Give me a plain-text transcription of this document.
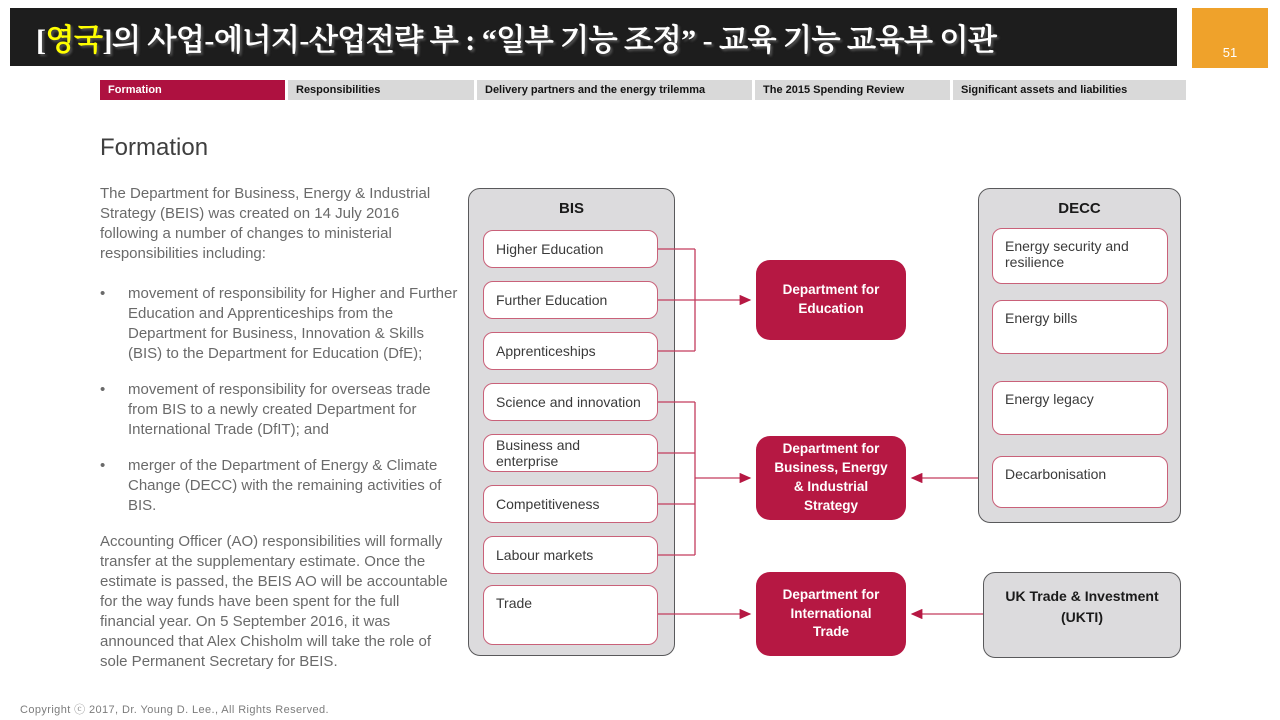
[영국]의 사업-에너지-산업전략 부 : “일부 기능 조정” - 교육 기능 교육부 이관	51
Formation	Responsibilities	Delivery partners and the energy trilemma	The 2015 Spending Review	Significant assets and liabilities
Formation

The Department for Business, Energy & Industrial Strategy (BEIS) was created on 14 July 2016 following a number of changes to ministerial responsibilities including:

•
movement of responsibility for Higher and Further Education and Apprenticeships from the Department for Business, Innovation & Skills (BIS) to the Department for Education (DfE);
•
movement of responsibility for overseas trade from BIS to a newly created Department for International Trade (DfIT); and
•
merger of the Department of Energy & Climate Change (DECC) with the remaining activities of BIS.

Accounting Officer (AO) responsibilities will formally transfer at the supplementary estimate. Once the estimate is passed, the BEIS AO will be accountable for the way funds have been spent for the full financial year. On 5 September 2016, it was announced that Alex Chisholm will take the role of sole Permanent Secretary for BEIS.

BIS
Higher Education
Further Education
Apprenticeships
Science and innovation
Business and enterprise
Competitiveness
Labour markets
Trade
Department for Education
Department for Business, Energy & Industrial Strategy
Department for International Trade
DECC
Energy security and resilience
Energy bills
Energy legacy
Decarbonisation
UK Trade & Investment
(UKTI)
Copyright ⓒ 2017, Dr. Young D. Lee., All Rights Reserved.
